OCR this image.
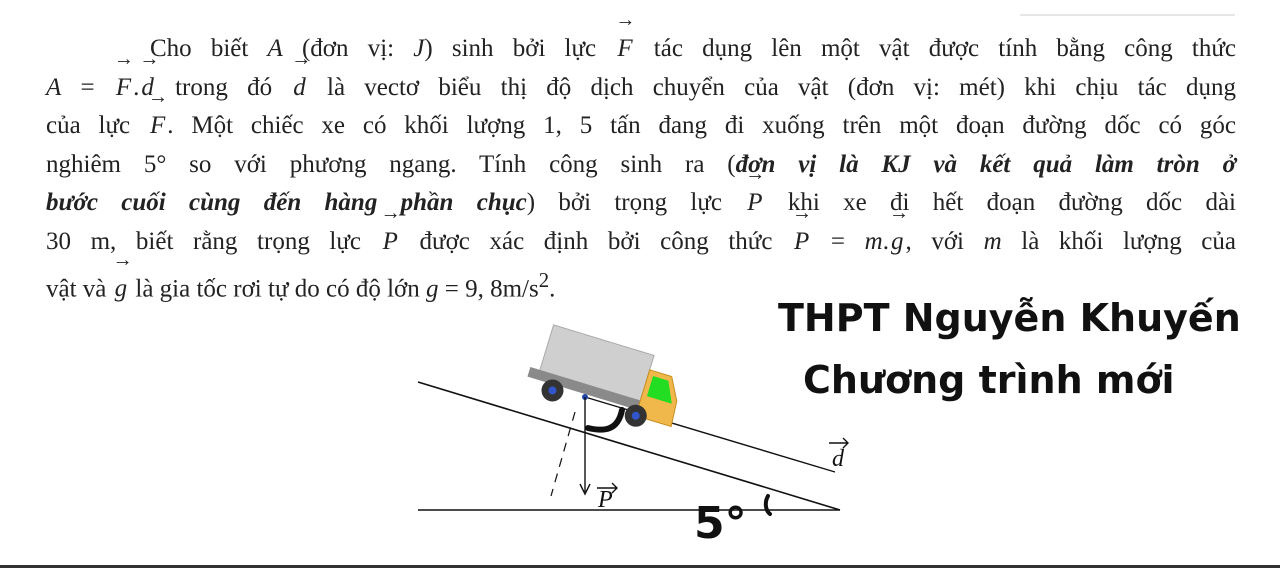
Cho biết A (đơn vị: J) sinh bởi lực → F tác dụng lên một vật được tính bằng công thức
A = → F.→ d trong đó → d là vectơ biểu thị độ dịch chuyển của vật (đơn vị: mét) khi chịu tác dụng
của lực → F. Một chiếc xe có khối lượng 1, 5 tấn đang đi xuống trên một đoạn đường dốc có góc
nghiêm 5° so với phương ngang. Tính công sinh ra (đơn vị là KJ và kết quả làm tròn ở
bước cuối cùng đến hàng phần chục) bởi trọng lực → P khi xe đi hết đoạn đường dốc dài
30 m, biết rằng trọng lực → P được xác định bởi công thức → P = m.→ g, với m là khối lượng của
vật và → g là gia tốc rơi tự do có độ lớn g = 9, $8m/s^2$.
THPT Nguyễn Khuyến
Chương trình mới
d
P 5°
